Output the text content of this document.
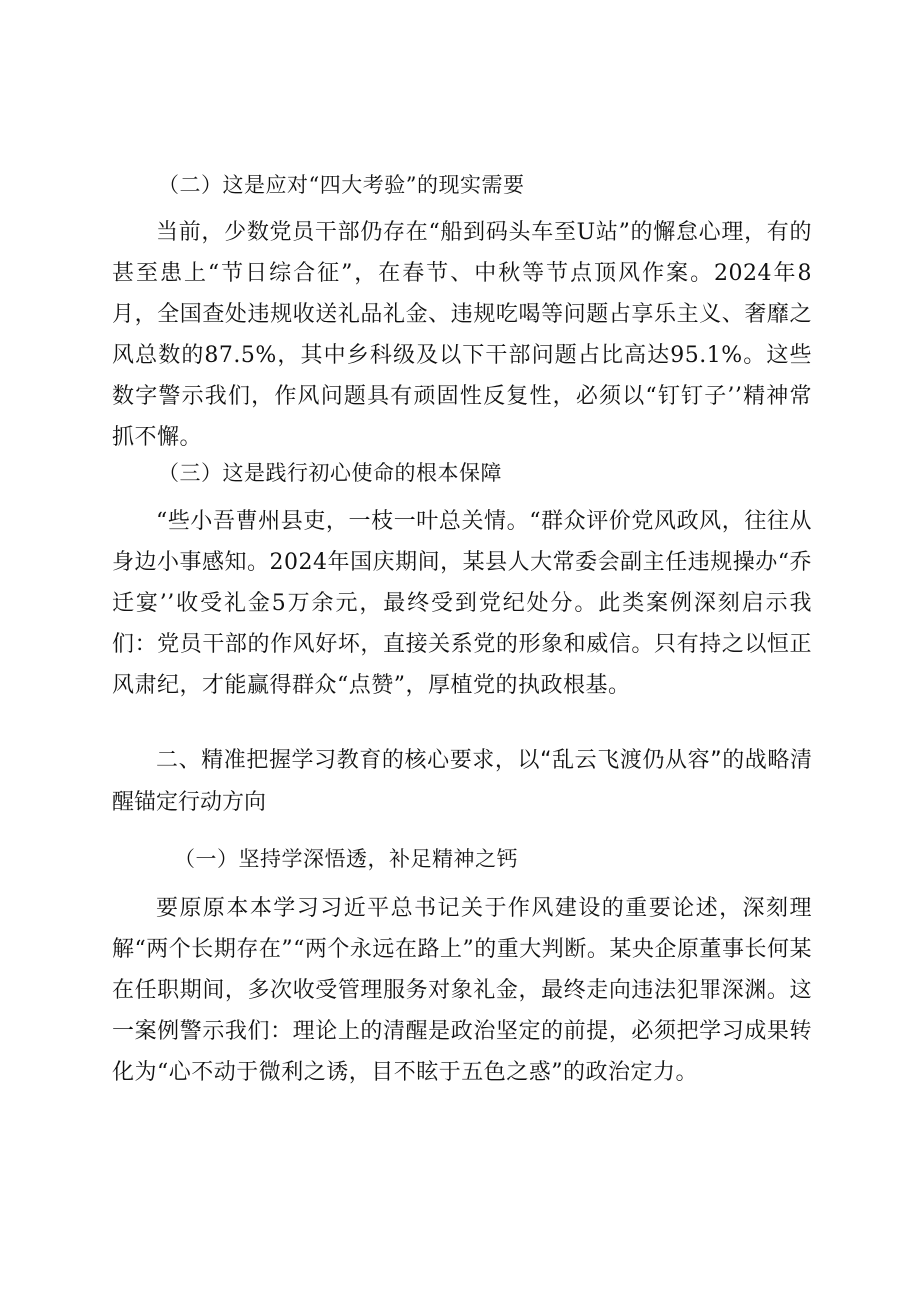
（二）这是应对“四大考验”的现实需要

当前，少数党员干部仍存在“船到码头车至U站”的懈怠心理，有的甚至患上“节日综合征”，在春节、中秋等节点顶风作案。2024年8月，全国查处违规收送礼品礼金、违规吃喝等问题占享乐主义、奢靡之风总数的87.5%，其中乡科级及以下干部问题占比高达95.1%。这些数字警示我们，作风问题具有顽固性反复性，必须以“钉钉子’’精神常抓不懈。

（三）这是践行初心使命的根本保障

“些小吾曹州县吏，一枝一叶总关情。“群众评价党风政风，往往从身边小事感知。2024年国庆期间，某县人大常委会副主任违规操办“乔迁宴’’收受礼金5万余元，最终受到党纪处分。此类案例深刻启示我们：党员干部的作风好坏，直接关系党的形象和威信。只有持之以恒正风肃纪，才能赢得群众“点赞”，厚植党的执政根基。

二、精准把握学习教育的核心要求，以“乱云飞渡仍从容”的战略清醒锚定行动方向

（一）坚持学深悟透，补足精神之钙

要原原本本学习习近平总书记关于作风建设的重要论述，深刻理解“两个长期存在”“两个永远在路上”的重大判断。某央企原董事长何某在任职期间，多次收受管理服务对象礼金，最终走向违法犯罪深渊。这一案例警示我们：理论上的清醒是政治坚定的前提，必须把学习成果转化为“心不动于微利之诱，目不眩于五色之惑”的政治定力。
